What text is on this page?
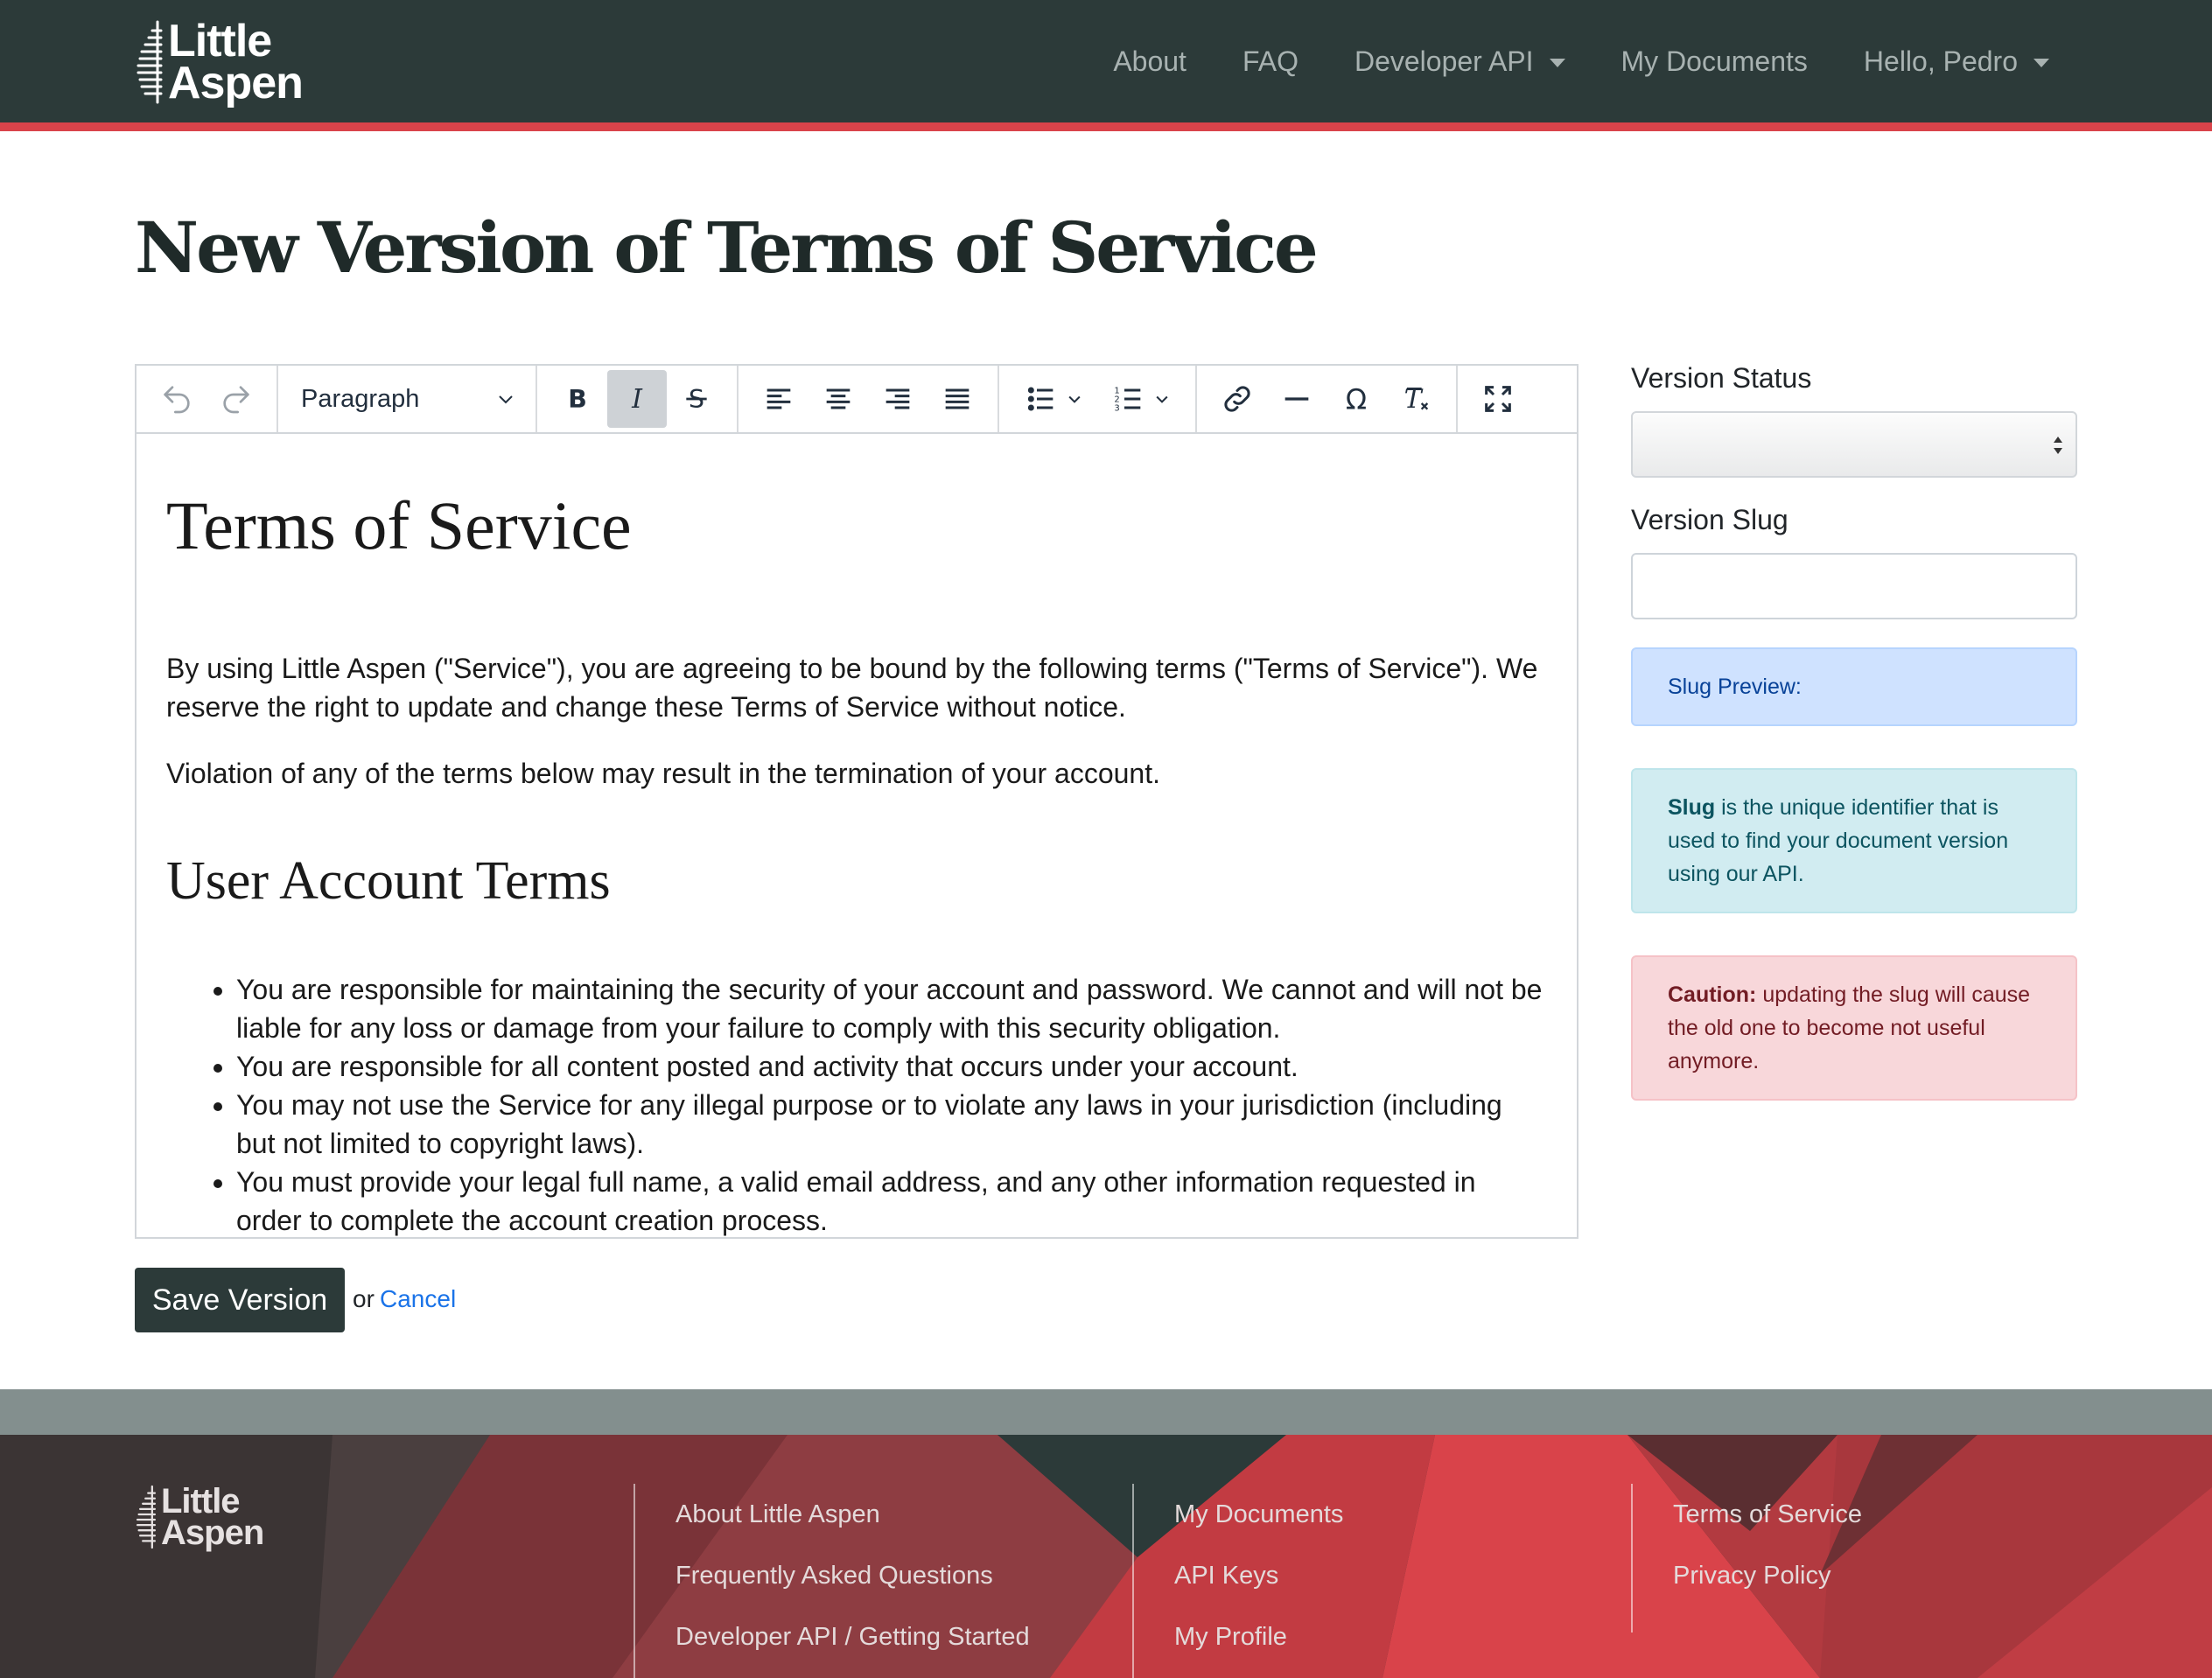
Little
Aspen	About FAQ Developer API	My Documents Hello, Pedro
New Version of Terms of Service
Paragraph	B	I	S	1
2
3	Ω T
Terms of Service

By using Little Aspen ("Service"), you are agreeing to be bound by the following terms ("Terms of Service"). We reserve the right to update and change these Terms of Service without notice.

Violation of any of the terms below may result in the termination of your account.

User Account Terms
• You are responsible for maintaining the security of your account and password. We cannot and will not be liable for any loss or damage from your failure to comply with this security obligation.
• You are responsible for all content posted and activity that occurs under your account.
• You may not use the Service for any illegal purpose or to violate any laws in your jurisdiction (including but not limited to copyright laws).
• You must provide your legal full name, a valid email address, and any other information requested in order to complete the account creation process.
Save Version	or Cancel
Version Status
Version Slug
Slug Preview:
Slug is the unique identifier that is used to find your document version using our API.
Caution: updating the slug will cause the old one to become not useful anymore.
Little
Aspen	About Little Aspen
Frequently Asked Questions
Developer API / Getting Started
My Documents
API Keys
My Profile
Terms of Service
Privacy Policy
